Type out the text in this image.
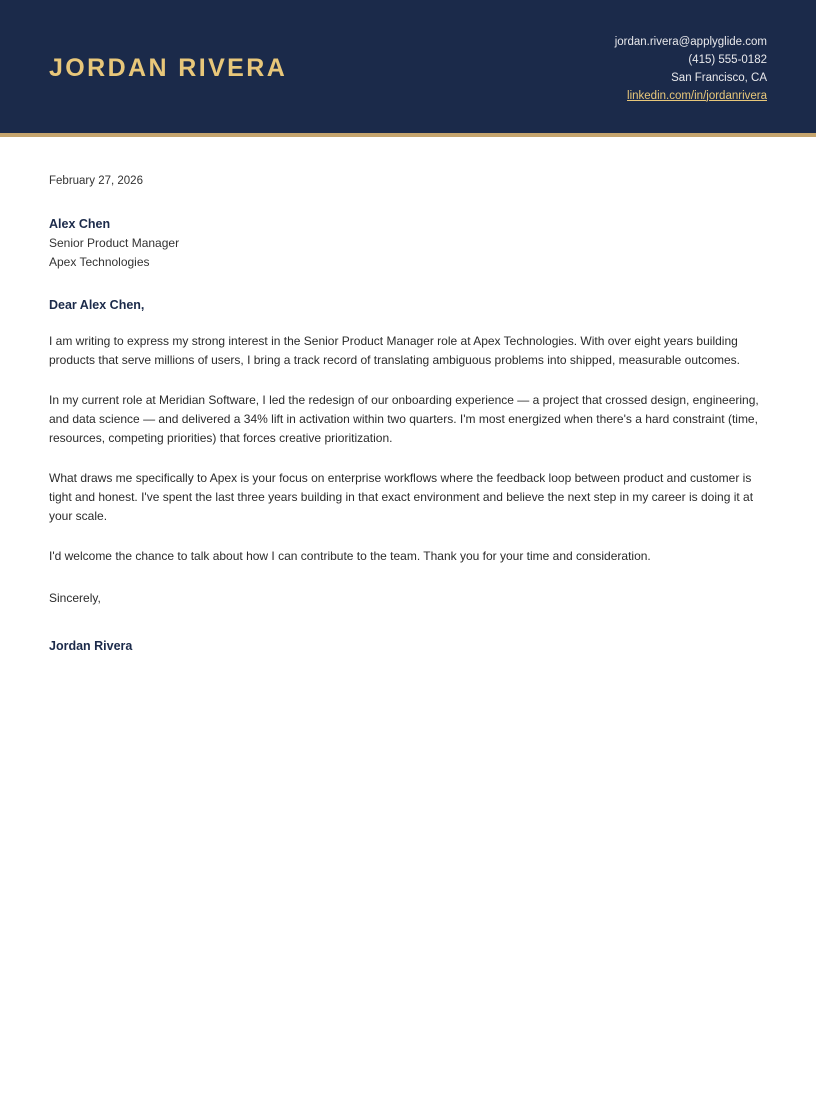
JORDAN RIVERA
jordan.rivera@applyglide.com
(415) 555-0182
San Francisco, CA
linkedin.com/in/jordanrivera
February 27, 2026
Alex Chen
Senior Product Manager
Apex Technologies
Dear Alex Chen,

I am writing to express my strong interest in the Senior Product Manager role at Apex Technologies. With over eight years building products that serve millions of users, I bring a track record of translating ambiguous problems into shipped, measurable outcomes.

In my current role at Meridian Software, I led the redesign of our onboarding experience — a project that crossed design, engineering, and data science — and delivered a 34% lift in activation within two quarters. I'm most energized when there's a hard constraint (time, resources, competing priorities) that forces creative prioritization.

What draws me specifically to Apex is your focus on enterprise workflows where the feedback loop between product and customer is tight and honest. I've spent the last three years building in that exact environment and believe the next step in my career is doing it at your scale.

I'd welcome the chance to talk about how I can contribute to the team. Thank you for your time and consideration.

Sincerely,
Jordan Rivera
